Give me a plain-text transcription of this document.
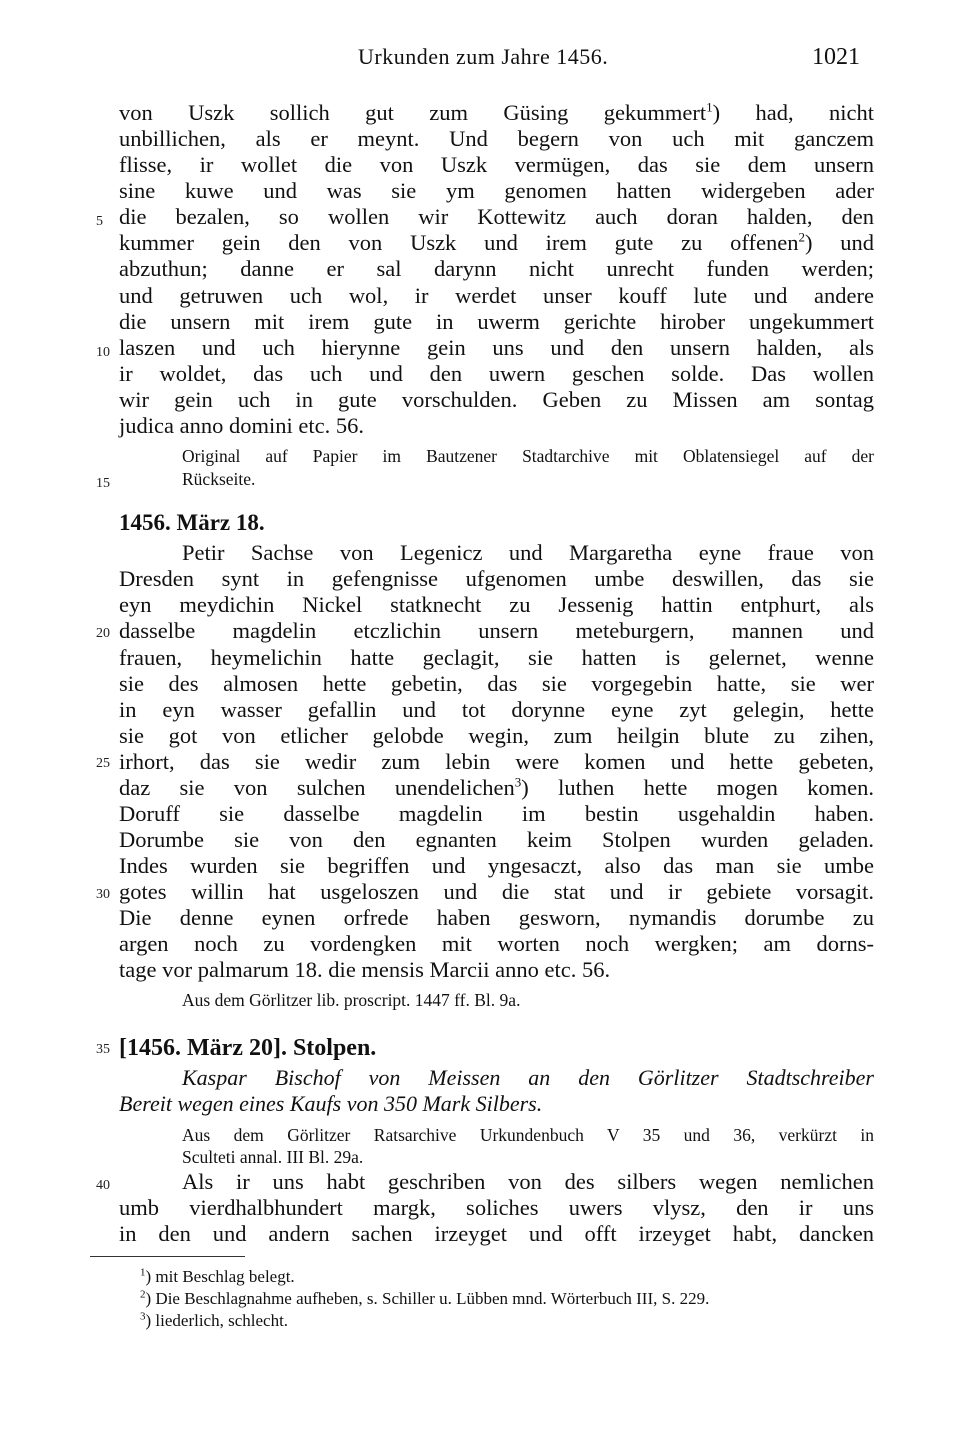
Urkunden zum Jahre 1456.	1021
5
10
15
20
25
30
35
40
von Uszk sollich gut zum Güsing gekummert$^1$) had, nicht
unbillichen, als er meynt. Und begern von uch mit ganczem
flisse, ir wollet die von Uszk vermügen, das sie dem unsern
sine kuwe und was sie ym genomen hatten widergeben ader
die bezalen, so wollen wir Kottewitz auch doran halden, den
kummer gein den von Uszk und irem gute zu offenen$^2$) und
abzuthun; danne er sal darynn nicht unrecht funden werden;
und getruwen uch wol, ir werdet unser kouff lute und andere
die unsern mit irem gute in uwerm gerichte hirober ungekummert
laszen und uch hierynne gein uns und den unsern halden, als
ir woldet, das uch und den uwern geschen solde. Das wollen
wir gein uch in gute vorschulden. Geben zu Missen am sontag
judica anno domini etc. 56.
Original auf Papier im Bautzener Stadtarchive mit Oblatensiegel auf der
Rückseite.
1456. März 18.
Petir Sachse von Legenicz und Margaretha eyne fraue von
Dresden synt in gefengnisse ufgenomen umbe deswillen, das sie
eyn meydichin Nickel statknecht zu Jessenig hattin entphurt, als
dasselbe magdelin etczlichin unsern meteburgern, mannen und
frauen, heymelichin hatte geclagit, sie hatten is gelernet, wenne
sie des almosen hette gebetin, das sie vorgegebin hatte, sie wer
in eyn wasser gefallin und tot dorynne eyne zyt gelegin, hette
sie got von etlicher gelobde wegin, zum heilgin blute zu zihen,
irhort, das sie wedir zum lebin were komen und hette gebeten,
daz sie von sulchen unendelichen$^3$) luthen hette mogen komen.
Doruff sie dasselbe magdelin im bestin usgehaldin haben.
Dorumbe sie von den egnanten keim Stolpen wurden geladen.
Indes wurden sie begriffen und yngesaczt, also das man sie umbe
gotes willin hat usgeloszen und die stat und ir gebiete vorsagit.
Die denne eynen orfrede haben gesworn, nymandis dorumbe zu
argen noch zu vordengken mit worten noch wergken; am dorns-
tage vor palmarum 18. die mensis Marcii anno etc. 56.
Aus dem Görlitzer lib. proscript. 1447 ff. Bl. 9a.
[1456. März 20]. Stolpen.
Kaspar Bischof von Meissen an den Görlitzer Stadtschreiber
Bereit wegen eines Kaufs von 350 Mark Silbers.
Aus dem Görlitzer Ratsarchive Urkundenbuch V 35 und 36, verkürzt in
Sculteti annal. III Bl. 29a.
Als ir uns habt geschriben von des silbers wegen nemlichen
umb vierdhalbhundert margk, soliches uwers vlysz, den ir uns
in den und andern sachen irzeyget und offt irzeyget habt, dancken
$^1$) mit Beschlag belegt.
$^2$) Die Beschlagnahme aufheben, s. Schiller u. Lübben mnd. Wörterbuch III, S. 229.
$^3$) liederlich, schlecht.
